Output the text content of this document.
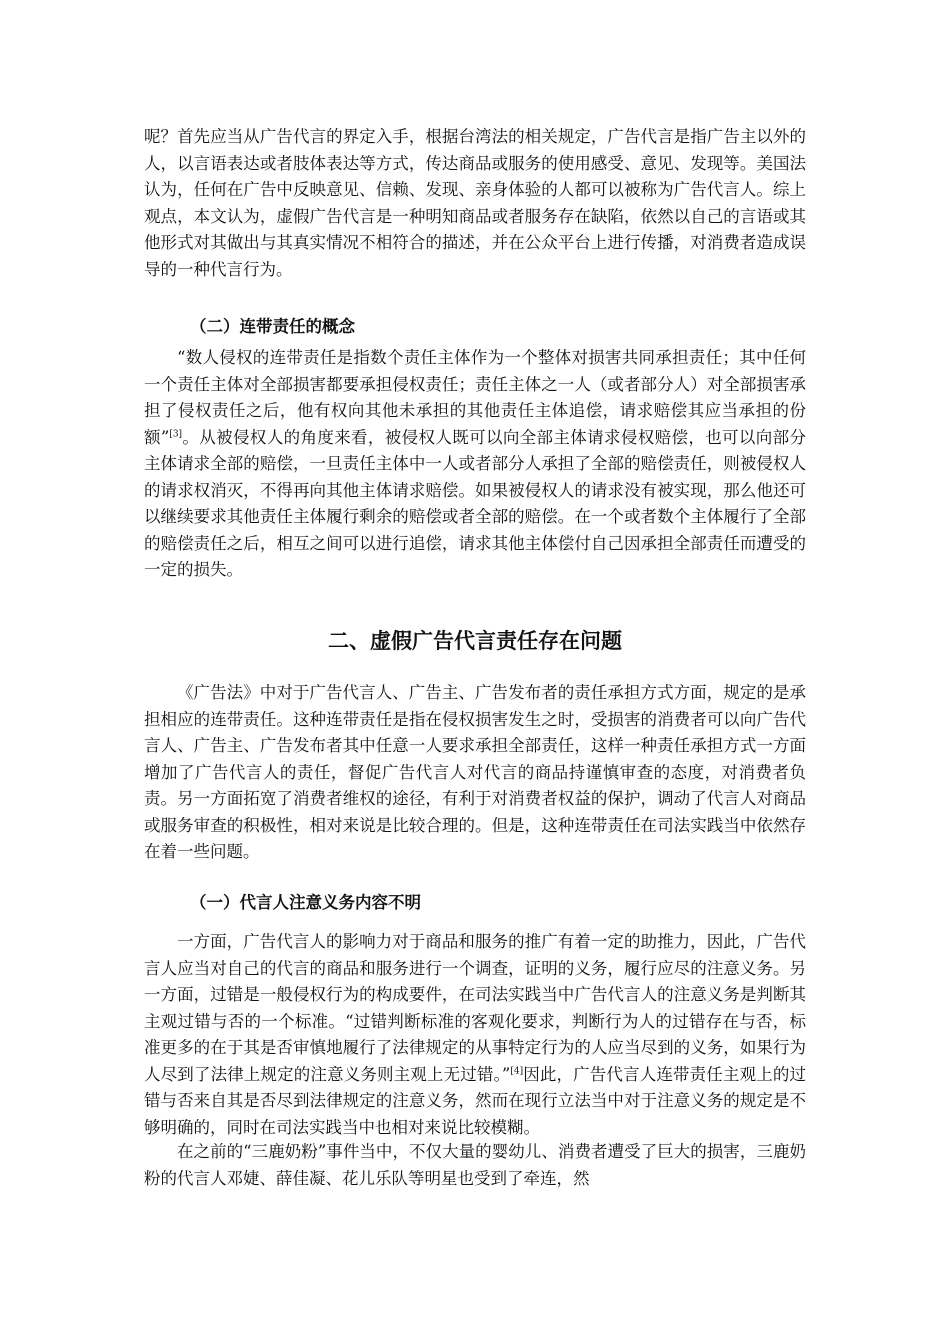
呢？首先应当从广告代言的界定入手，根据台湾法的相关规定，广告代言是指广告主以外的人，以言语表达或者肢体表达等方式，传达商品或服务的使用感受、意见、发现等。美国法认为，任何在广告中反映意见、信赖、发现、亲身体验的人都可以被称为广告代言人。综上观点，本文认为，虚假广告代言是一种明知商品或者服务存在缺陷，依然以自己的言语或其他形式对其做出与其真实情况不相符合的描述，并在公众平台上进行传播，对消费者造成误导的一种代言行为。

（二）连带责任的概念

“数人侵权的连带责任是指数个责任主体作为一个整体对损害共同承担责任；其中任何一个责任主体对全部损害都要承担侵权责任；责任主体之一人（或者部分人）对全部损害承担了侵权责任之后，他有权向其他未承担的其他责任主体追偿，请求赔偿其应当承担的份额”[3]。从被侵权人的角度来看，被侵权人既可以向全部主体请求侵权赔偿，也可以向部分主体请求全部的赔偿，一旦责任主体中一人或者部分人承担了全部的赔偿责任，则被侵权人的请求权消灭，不得再向其他主体请求赔偿。如果被侵权人的请求没有被实现，那么他还可以继续要求其他责任主体履行剩余的赔偿或者全部的赔偿。在一个或者数个主体履行了全部的赔偿责任之后，相互之间可以进行追偿，请求其他主体偿付自己因承担全部责任而遭受的一定的损失。

二、虚假广告代言责任存在问题

《广告法》中对于广告代言人、广告主、广告发布者的责任承担方式方面，规定的是承担相应的连带责任。这种连带责任是指在侵权损害发生之时，受损害的消费者可以向广告代言人、广告主、广告发布者其中任意一人要求承担全部责任，这样一种责任承担方式一方面增加了广告代言人的责任，督促广告代言人对代言的商品持谨慎审查的态度，对消费者负责。另一方面拓宽了消费者维权的途径，有利于对消费者权益的保护，调动了代言人对商品或服务审查的积极性，相对来说是比较合理的。但是，这种连带责任在司法实践当中依然存在着一些问题。

（一）代言人注意义务内容不明

一方面，广告代言人的影响力对于商品和服务的推广有着一定的助推力，因此，广告代言人应当对自己的代言的商品和服务进行一个调查，证明的义务，履行应尽的注意义务。另一方面，过错是一般侵权行为的构成要件，在司法实践当中广告代言人的注意义务是判断其主观过错与否的一个标准。“过错判断标准的客观化要求，判断行为人的过错存在与否，标准更多的在于其是否审慎地履行了法律规定的从事特定行为的人应当尽到的义务，如果行为人尽到了法律上规定的注意义务则主观上无过错。”[4]因此，广告代言人连带责任主观上的过错与否来自其是否尽到法律规定的注意义务，然而在现行立法当中对于注意义务的规定是不够明确的，同时在司法实践当中也相对来说比较模糊。

在之前的“三鹿奶粉”事件当中，不仅大量的婴幼儿、消费者遭受了巨大的损害，三鹿奶粉的代言人邓婕、薛佳凝、花儿乐队等明星也受到了牵连，然
